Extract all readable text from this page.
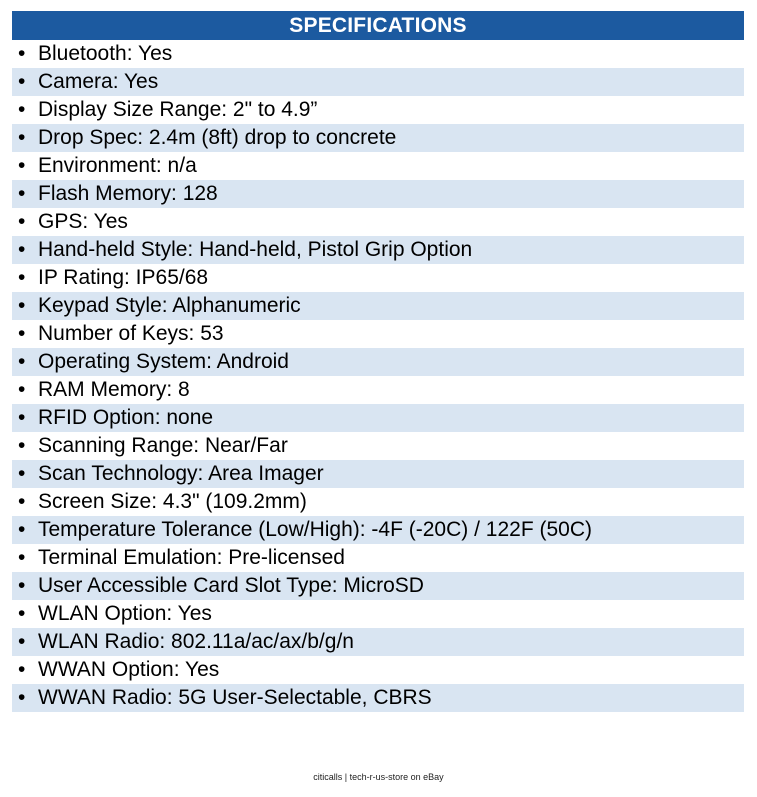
SPECIFICATIONS
• Bluetooth: Yes
• Camera: Yes
• Display Size Range: 2" to 4.9”
• Drop Spec: 2.4m (8ft) drop to concrete
• Environment: n/a
• Flash Memory: 128
• GPS: Yes
• Hand-held Style: Hand-held, Pistol Grip Option
• IP Rating: IP65/68
• Keypad Style: Alphanumeric
• Number of Keys: 53
• Operating System: Android
• RAM Memory: 8
• RFID Option: none
• Scanning Range: Near/Far
• Scan Technology: Area Imager
• Screen Size: 4.3" (109.2mm)
• Temperature Tolerance (Low/High): -4F (-20C) / 122F (50C)
• Terminal Emulation: Pre-licensed
• User Accessible Card Slot Type: MicroSD
• WLAN Option: Yes
• WLAN Radio: 802.11a/ac/ax/b/g/n
• WWAN Option: Yes
• WWAN Radio: 5G User-Selectable, CBRS
citicalls | tech-r-us-store on eBay
